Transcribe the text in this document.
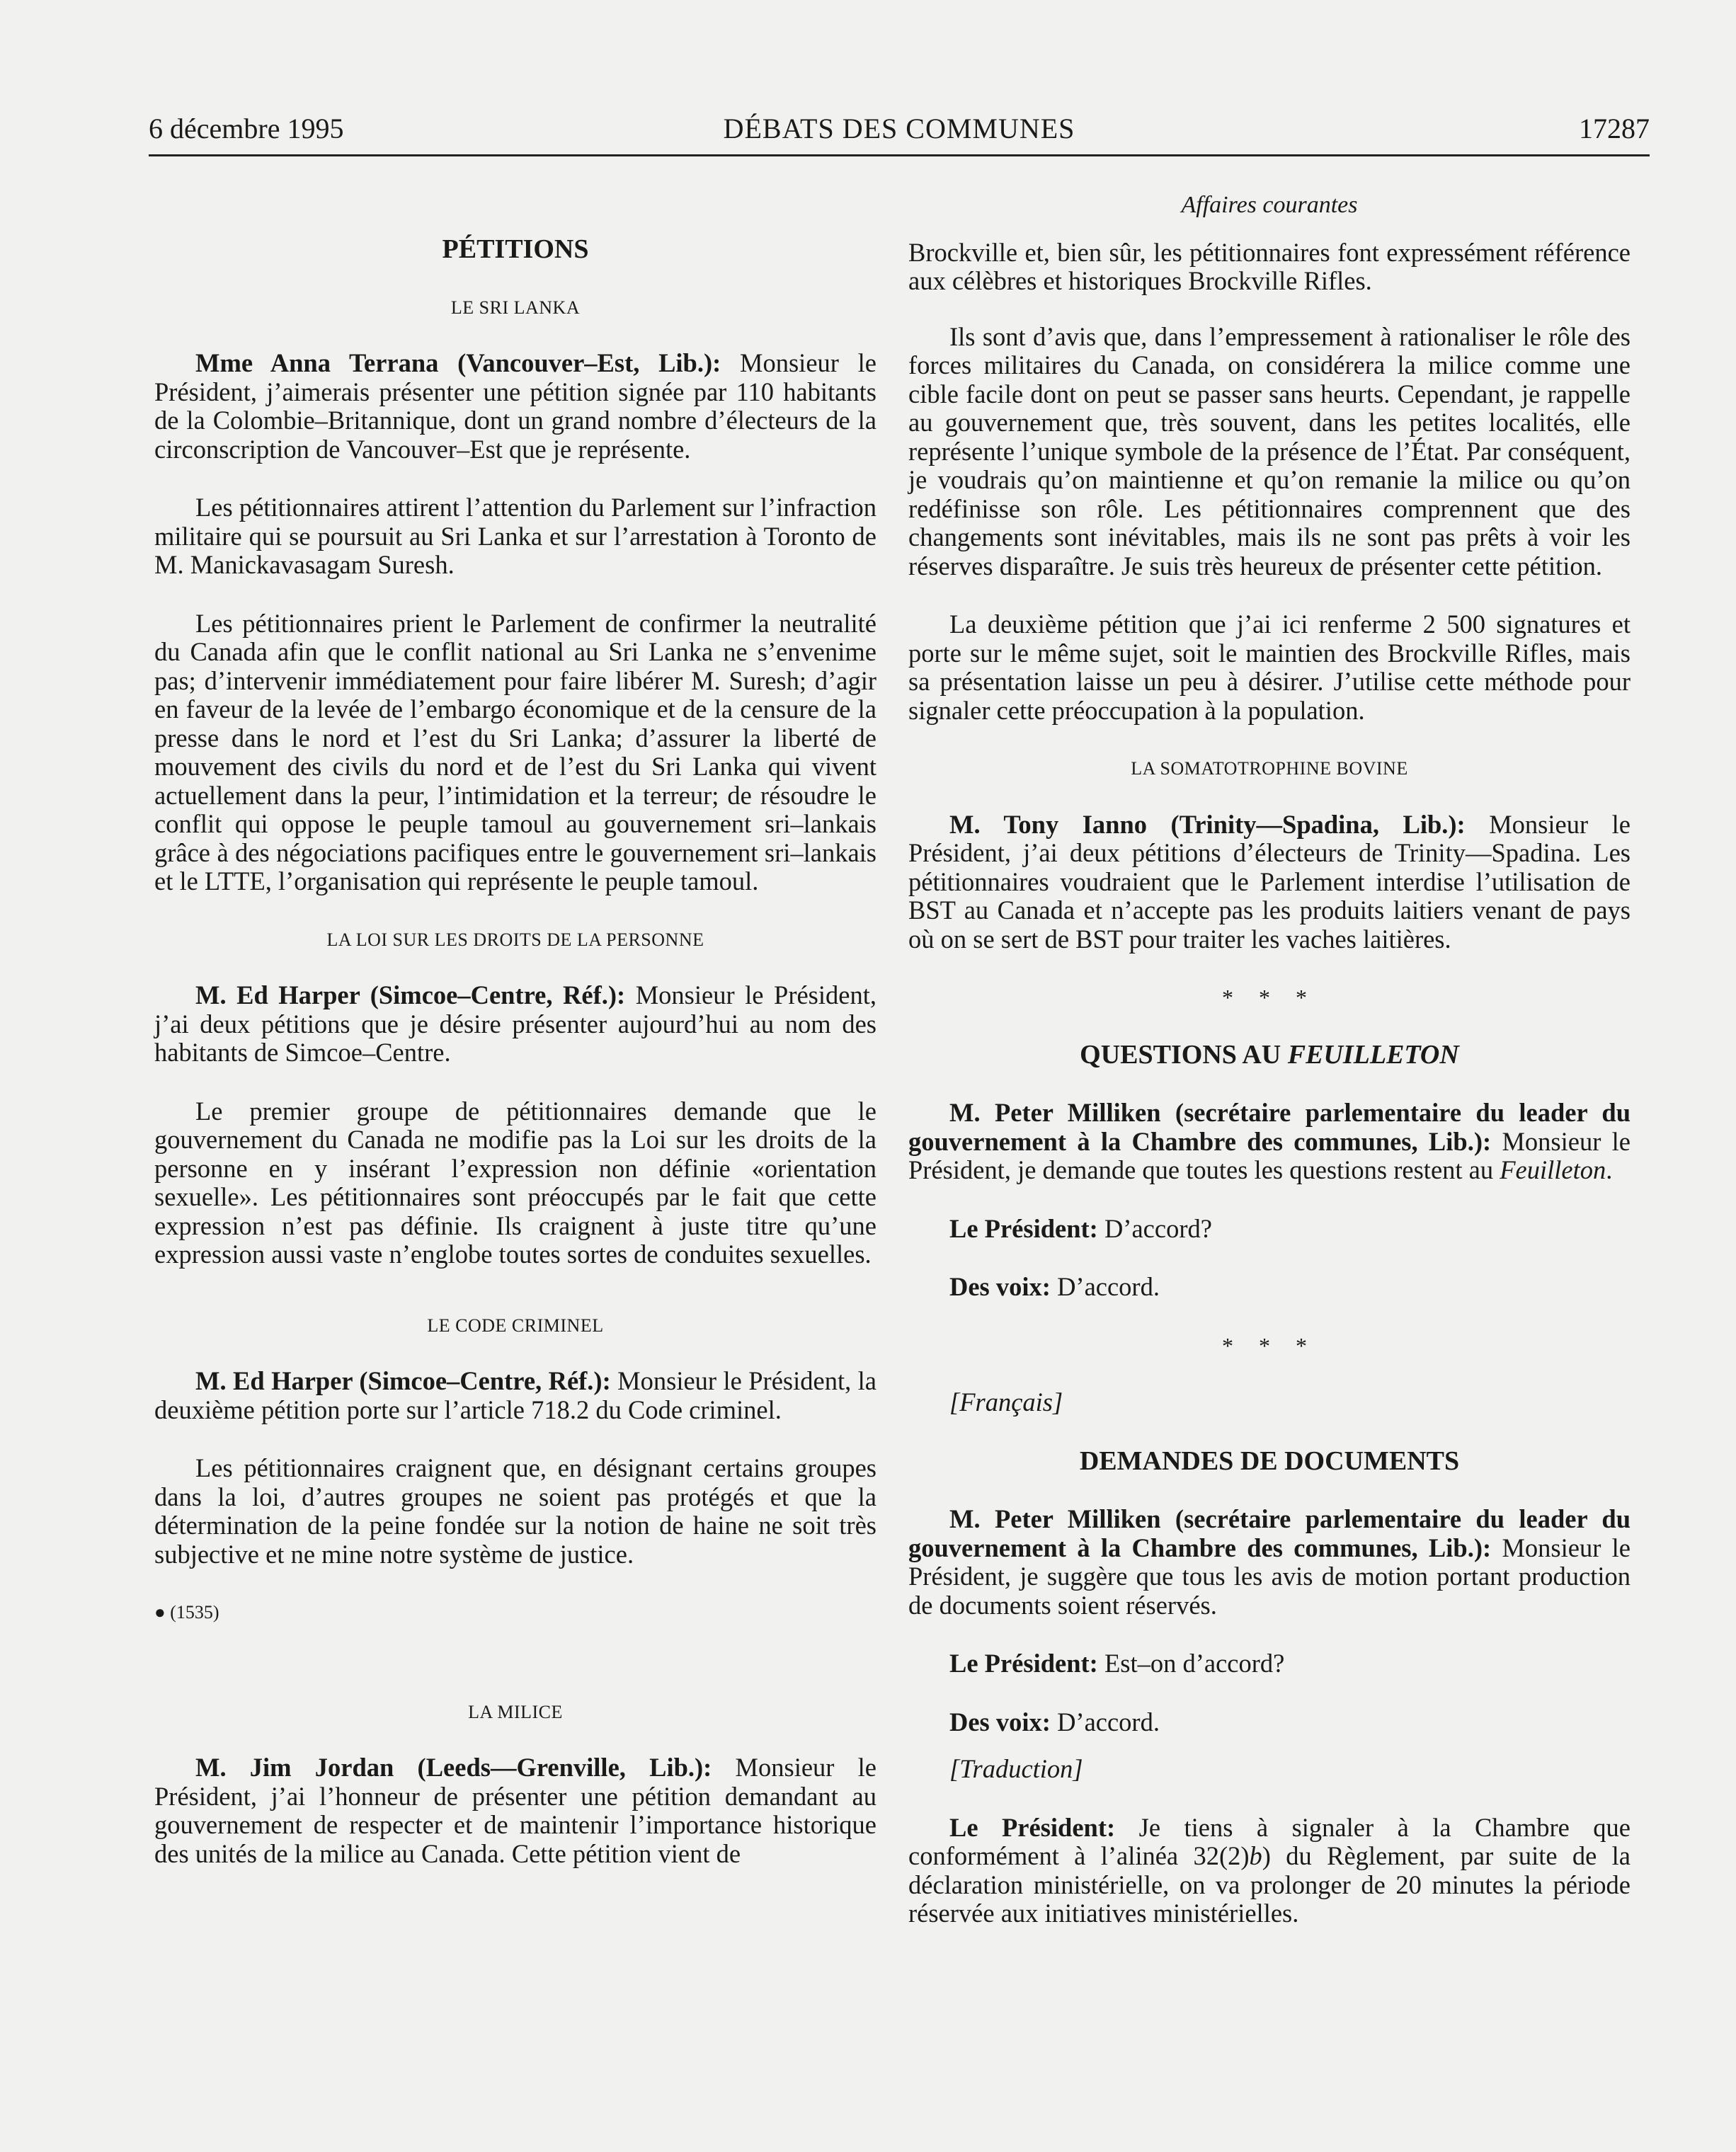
6 décembre 1995	DÉBATS DES COMMUNES	17287
PÉTITIONS
LE SRI LANKA

Mme Anna Terrana (Vancouver–Est, Lib.): Monsieur le Président, j’aimerais présenter une pétition signée par 110 habitants de la Colombie–Britannique, dont un grand nombre d’électeurs de la circonscription de Vancouver–Est que je représente.

Les pétitionnaires attirent l’attention du Parlement sur l’infraction militaire qui se poursuit au Sri Lanka et sur l’arrestation à Toronto de M. Manickavasagam Suresh.

Les pétitionnaires prient le Parlement de confirmer la neutralité du Canada afin que le conflit national au Sri Lanka ne s’envenime pas; d’intervenir immédiatement pour faire libérer M. Suresh; d’agir en faveur de la levée de l’embargo économique et de la censure de la presse dans le nord et l’est du Sri Lanka; d’assurer la liberté de mouvement des civils du nord et de l’est du Sri Lanka qui vivent actuellement dans la peur, l’intimidation et la terreur; de résoudre le conflit qui oppose le peuple tamoul au gouvernement sri–lankais grâce à des négociations pacifiques entre le gouvernement sri–lankais et le LTTE, l’organisation qui représente le peuple tamoul.

LA LOI SUR LES DROITS DE LA PERSONNE

M. Ed Harper (Simcoe–Centre, Réf.): Monsieur le Président, j’ai deux pétitions que je désire présenter aujourd’hui au nom des habitants de Simcoe–Centre.

Le premier groupe de pétitionnaires demande que le gouvernement du Canada ne modifie pas la Loi sur les droits de la personne en y insérant l’expression non définie «orientation sexuelle». Les pétitionnaires sont préoccupés par le fait que cette expression n’est pas définie. Ils craignent à juste titre qu’une expression aussi vaste n’englobe toutes sortes de conduites sexuelles.

LE CODE CRIMINEL

M. Ed Harper (Simcoe–Centre, Réf.): Monsieur le Président, la deuxième pétition porte sur l’article 718.2 du Code criminel.

Les pétitionnaires craignent que, en désignant certains groupes dans la loi, d’autres groupes ne soient pas protégés et que la détermination de la peine fondée sur la notion de haine ne soit très subjective et ne mine notre système de justice.

● (1535)
LA MILICE

M. Jim Jordan (Leeds—Grenville, Lib.): Monsieur le Président, j’ai l’honneur de présenter une pétition demandant au gouvernement de respecter et de maintenir l’importance historique des unités de la milice au Canada. Cette pétition vient de

Affaires courantes

Brockville et, bien sûr, les pétitionnaires font expressément référence aux célèbres et historiques Brockville Rifles.

Ils sont d’avis que, dans l’empressement à rationaliser le rôle des forces militaires du Canada, on considérera la milice comme une cible facile dont on peut se passer sans heurts. Cependant, je rappelle au gouvernement que, très souvent, dans les petites localités, elle représente l’unique symbole de la présence de l’État. Par conséquent, je voudrais qu’on maintienne et qu’on remanie la milice ou qu’on redéfinisse son rôle. Les pétitionnaires comprennent que des changements sont inévitables, mais ils ne sont pas prêts à voir les réserves disparaître. Je suis très heureux de présenter cette pétition.

La deuxième pétition que j’ai ici renferme 2 500 signatures et porte sur le même sujet, soit le maintien des Brockville Rifles, mais sa présentation laisse un peu à désirer. J’utilise cette méthode pour signaler cette préoccupation à la population.

LA SOMATOTROPHINE BOVINE

M. Tony Ianno (Trinity—Spadina, Lib.): Monsieur le Président, j’ai deux pétitions d’électeurs de Trinity—Spadina. Les pétitionnaires voudraient que le Parlement interdise l’utilisation de BST au Canada et n’accepte pas les produits laitiers venant de pays où on se sert de BST pour traiter les vaches laitières.

* * *
QUESTIONS AU FEUILLETON

M. Peter Milliken (secrétaire parlementaire du leader du gouvernement à la Chambre des communes, Lib.): Monsieur le Président, je demande que toutes les questions restent au Feuilleton.

Le Président: D’accord?

Des voix: D’accord.

* * *

[Français]

DEMANDES DE DOCUMENTS

M. Peter Milliken (secrétaire parlementaire du leader du gouvernement à la Chambre des communes, Lib.): Monsieur le Président, je suggère que tous les avis de motion portant production de documents soient réservés.

Le Président: Est–on d’accord?

Des voix: D’accord.

[Traduction]

Le Président: Je tiens à signaler à la Chambre que conformément à l’alinéa 32(2)b) du Règlement, par suite de la déclaration ministérielle, on va prolonger de 20 minutes la période réservée aux initiatives ministérielles.
